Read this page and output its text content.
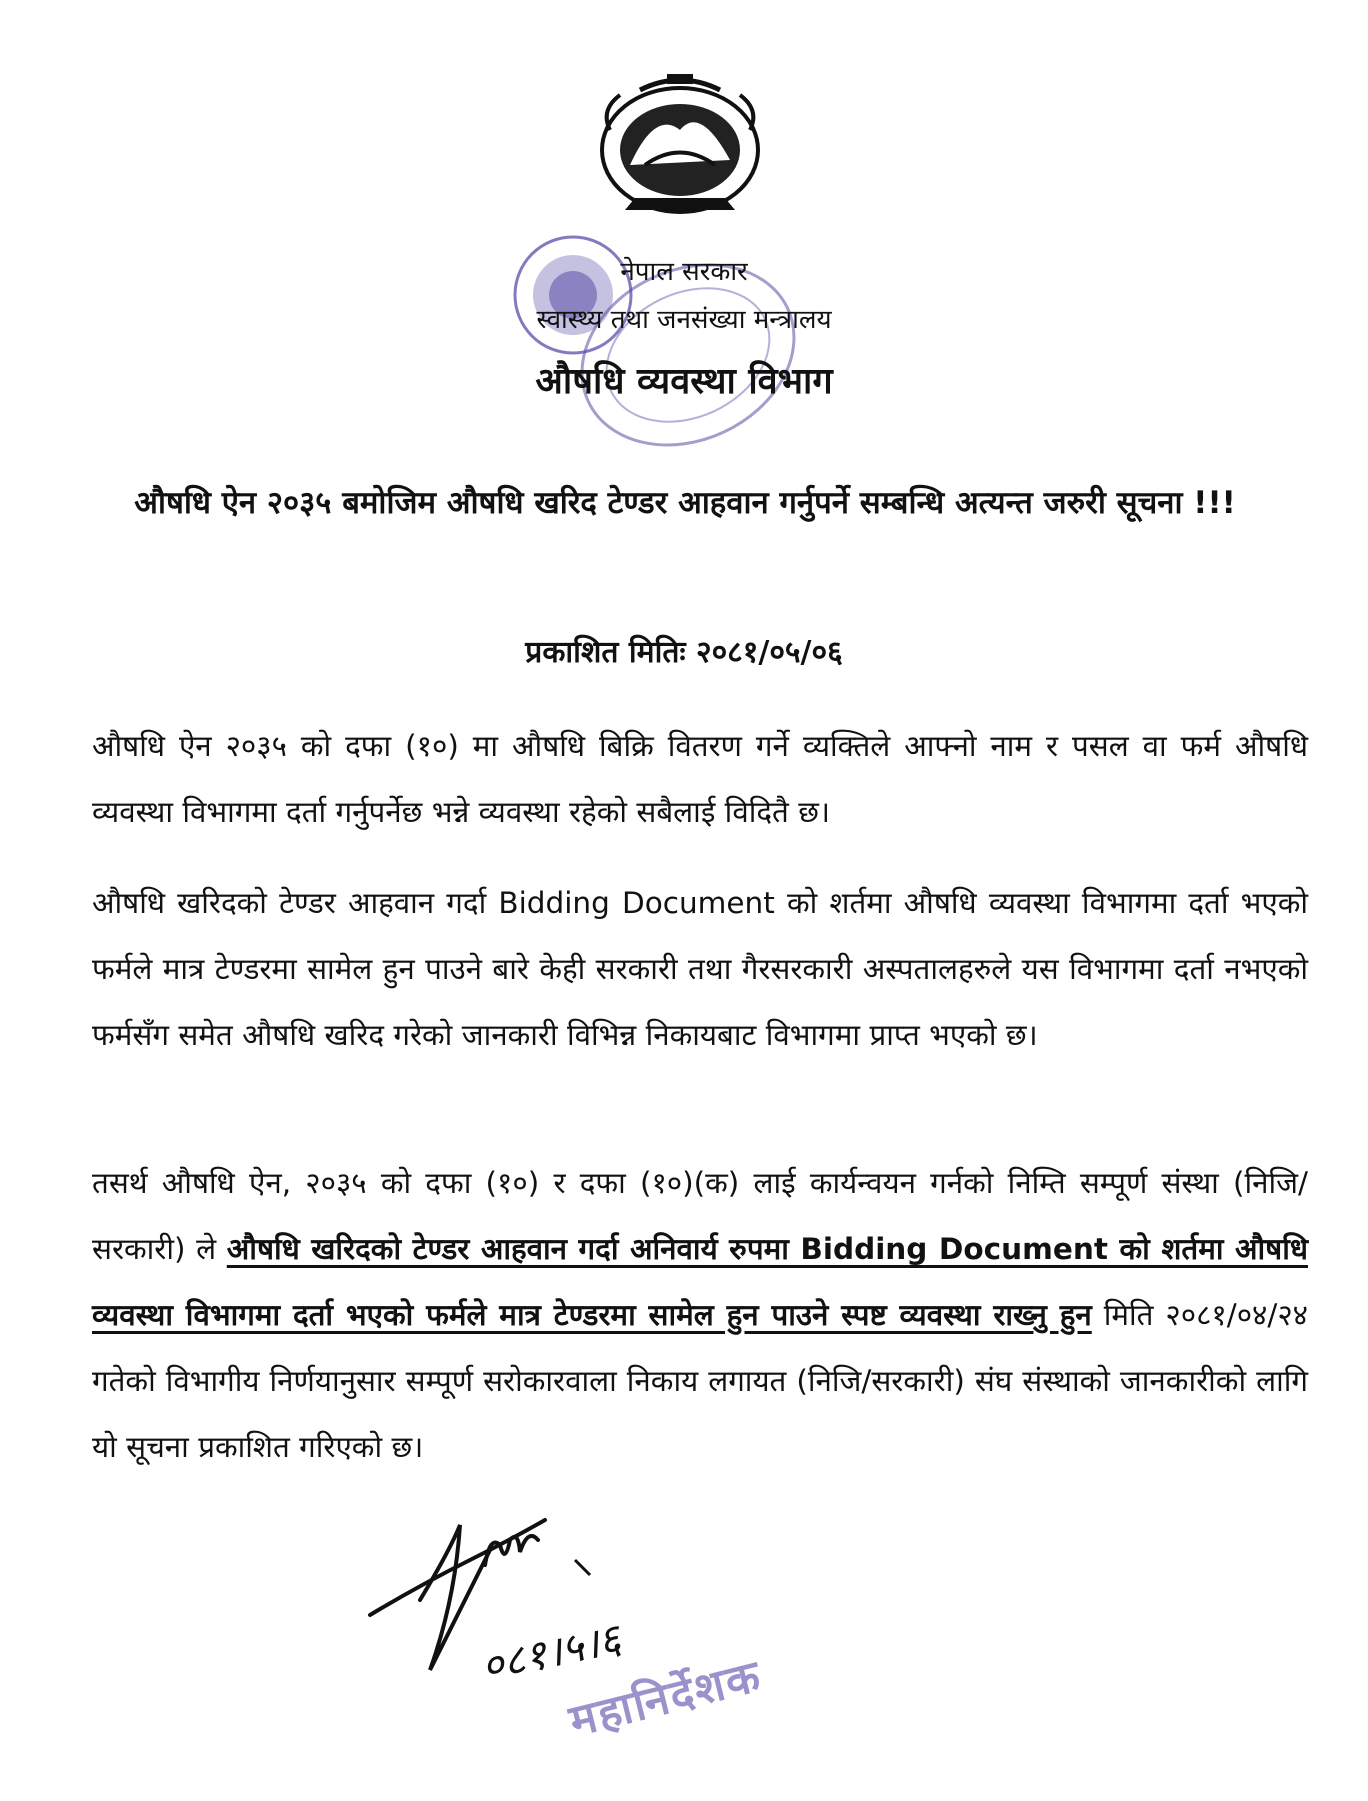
नेपाल सरकार
स्वास्थ्य तथा जनसंख्या मन्त्रालय
औषधि व्यवस्था विभाग
औषधि ऐन २०३५ बमोजिम औषधि खरिद टेण्डर आहवान गर्नुपर्ने सम्बन्धि अत्यन्त जरुरी सूचना !!!
प्रकाशित मितिः २०८१/०५/०६
औषधि ऐन २०३५ को दफा (१०) मा औषधि बिक्रि वितरण गर्ने व्यक्तिले आफ्नो नाम र पसल वा फर्म औषधि व्यवस्था विभागमा दर्ता गर्नुपर्नेछ भन्ने व्यवस्था रहेको सबैलाई विदितै छ।
औषधि खरिदको टेण्डर आहवान गर्दा Bidding Document को शर्तमा औषधि व्यवस्था विभागमा दर्ता भएको फर्मले मात्र टेण्डरमा सामेल हुन पाउने बारे केही सरकारी तथा गैरसरकारी अस्पतालहरुले यस विभागमा दर्ता नभएको फर्मसँग समेत औषधि खरिद गरेको जानकारी विभिन्न निकायबाट विभागमा प्राप्त भएको छ।
तसर्थ औषधि ऐन, २०३५ को दफा (१०) र दफा (१०)(क) लाई कार्यन्वयन गर्नको निम्ति सम्पूर्ण संस्था (निजि/सरकारी) ले औषधि खरिदको टेण्डर आहवान गर्दा अनिवार्य रुपमा Bidding Document को शर्तमा औषधि व्यवस्था विभागमा दर्ता भएको फर्मले मात्र टेण्डरमा सामेल हुन पाउने स्पष्ट व्यवस्था राख्नु हुन मिति २०८१/०४/२४ गतेको विभागीय निर्णयानुसार सम्पूर्ण सरोकारवाला निकाय लगायत (निजि/सरकारी) संघ संस्थाको जानकारीको लागि यो सूचना प्रकाशित गरिएको छ।
०८१।५।६
महानिर्देशक
